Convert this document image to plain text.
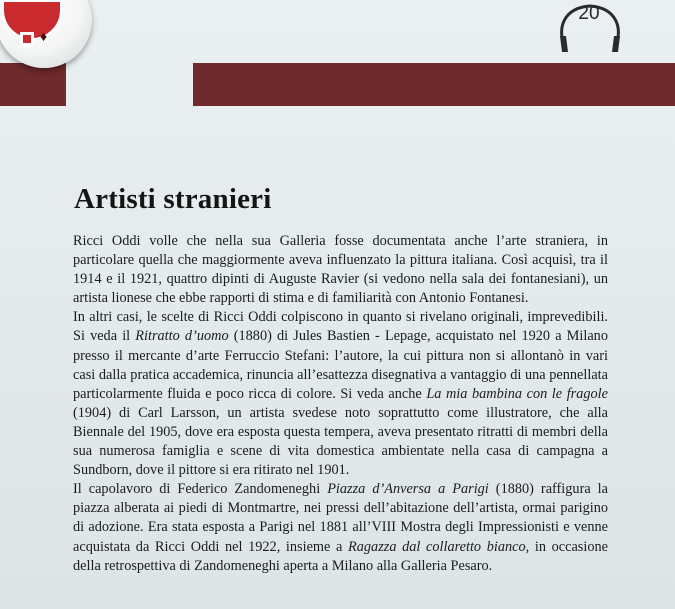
♦
20
Artisti stranieri

Ricci Oddi volle che nella sua Galleria fosse documentata anche l’arte straniera, in particolare quella che maggiormente aveva influenzato la pittura italiana. Così acquisì, tra il 1914 e il 1921, quattro dipinti di Auguste Ravier (si vedono nella sala dei fontanesiani), un artista lionese che ebbe rapporti di stima e di familiarità con Antonio Fontanesi.

In altri casi, le scelte di Ricci Oddi colpiscono in quanto si rivelano originali, imprevedibili. Si veda il Ritratto d’uomo (1880) di Jules Bastien - Lepage, acquistato nel 1920 a Milano presso il mercante d’arte Ferruccio Stefani: l’autore, la cui pittura non si allontanò in vari casi dalla pratica accademica, rinuncia all’esattezza disegnativa a vantaggio di una pennellata particolarmente fluida e poco ricca di colore. Si veda anche La mia bambina con le fragole (1904) di Carl Larsson, un artista svedese noto soprattutto come illustratore, che alla Biennale del 1905, dove era esposta questa tempera, aveva presentato ritratti di membri della sua numerosa famiglia e scene di vita domestica ambientate nella casa di campagna a Sundborn, dove il pittore si era ritirato nel 1901.

Il capolavoro di Federico Zandomeneghi Piazza d’Anversa a Parigi (1880) raffigura la piazza alberata ai piedi di Montmartre, nei pressi dell’abitazione dell’artista, ormai parigino di adozione. Era stata esposta a Parigi nel 1881 all’VIII Mostra degli Impressionisti e venne acquistata da Ricci Oddi nel 1922, insieme a Ragazza dal collaretto bianco, in occasione della retrospettiva di Zandomeneghi aperta a Milano alla Galleria Pesaro.
